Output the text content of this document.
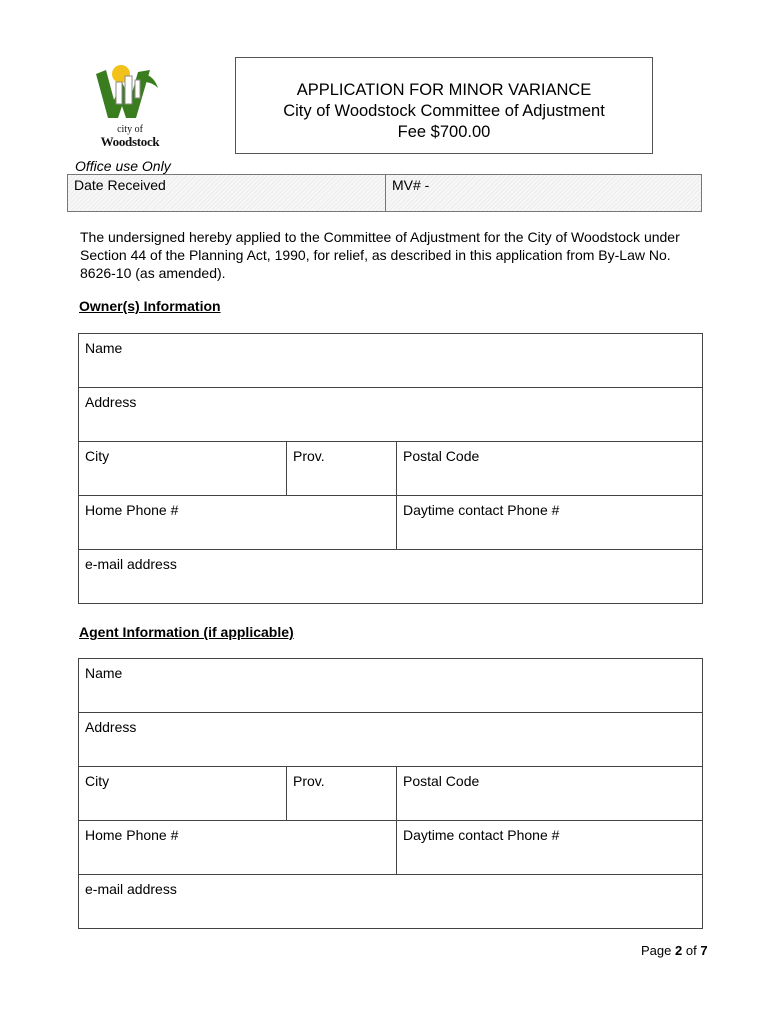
city of
Woodstock
APPLICATION FOR MINOR VARIANCE
City of Woodstock Committee of Adjustment
Fee $700.00
Office use Only
Date Received	MV# -
The undersigned hereby applied to the Committee of Adjustment for the City of Woodstock under Section 44 of the Planning Act, 1990, for relief, as described in this application from By-Law No. 8626-10 (as amended).
Owner(s) Information
Name		
Address		
City	Prov.	Postal Code
Home Phone #		Daytime contact Phone #
e-mail address		
Agent Information (if applicable)
Name		
Address		
City	Prov.	Postal Code
Home Phone #		Daytime contact Phone #
e-mail address		
Page 2 of 7
